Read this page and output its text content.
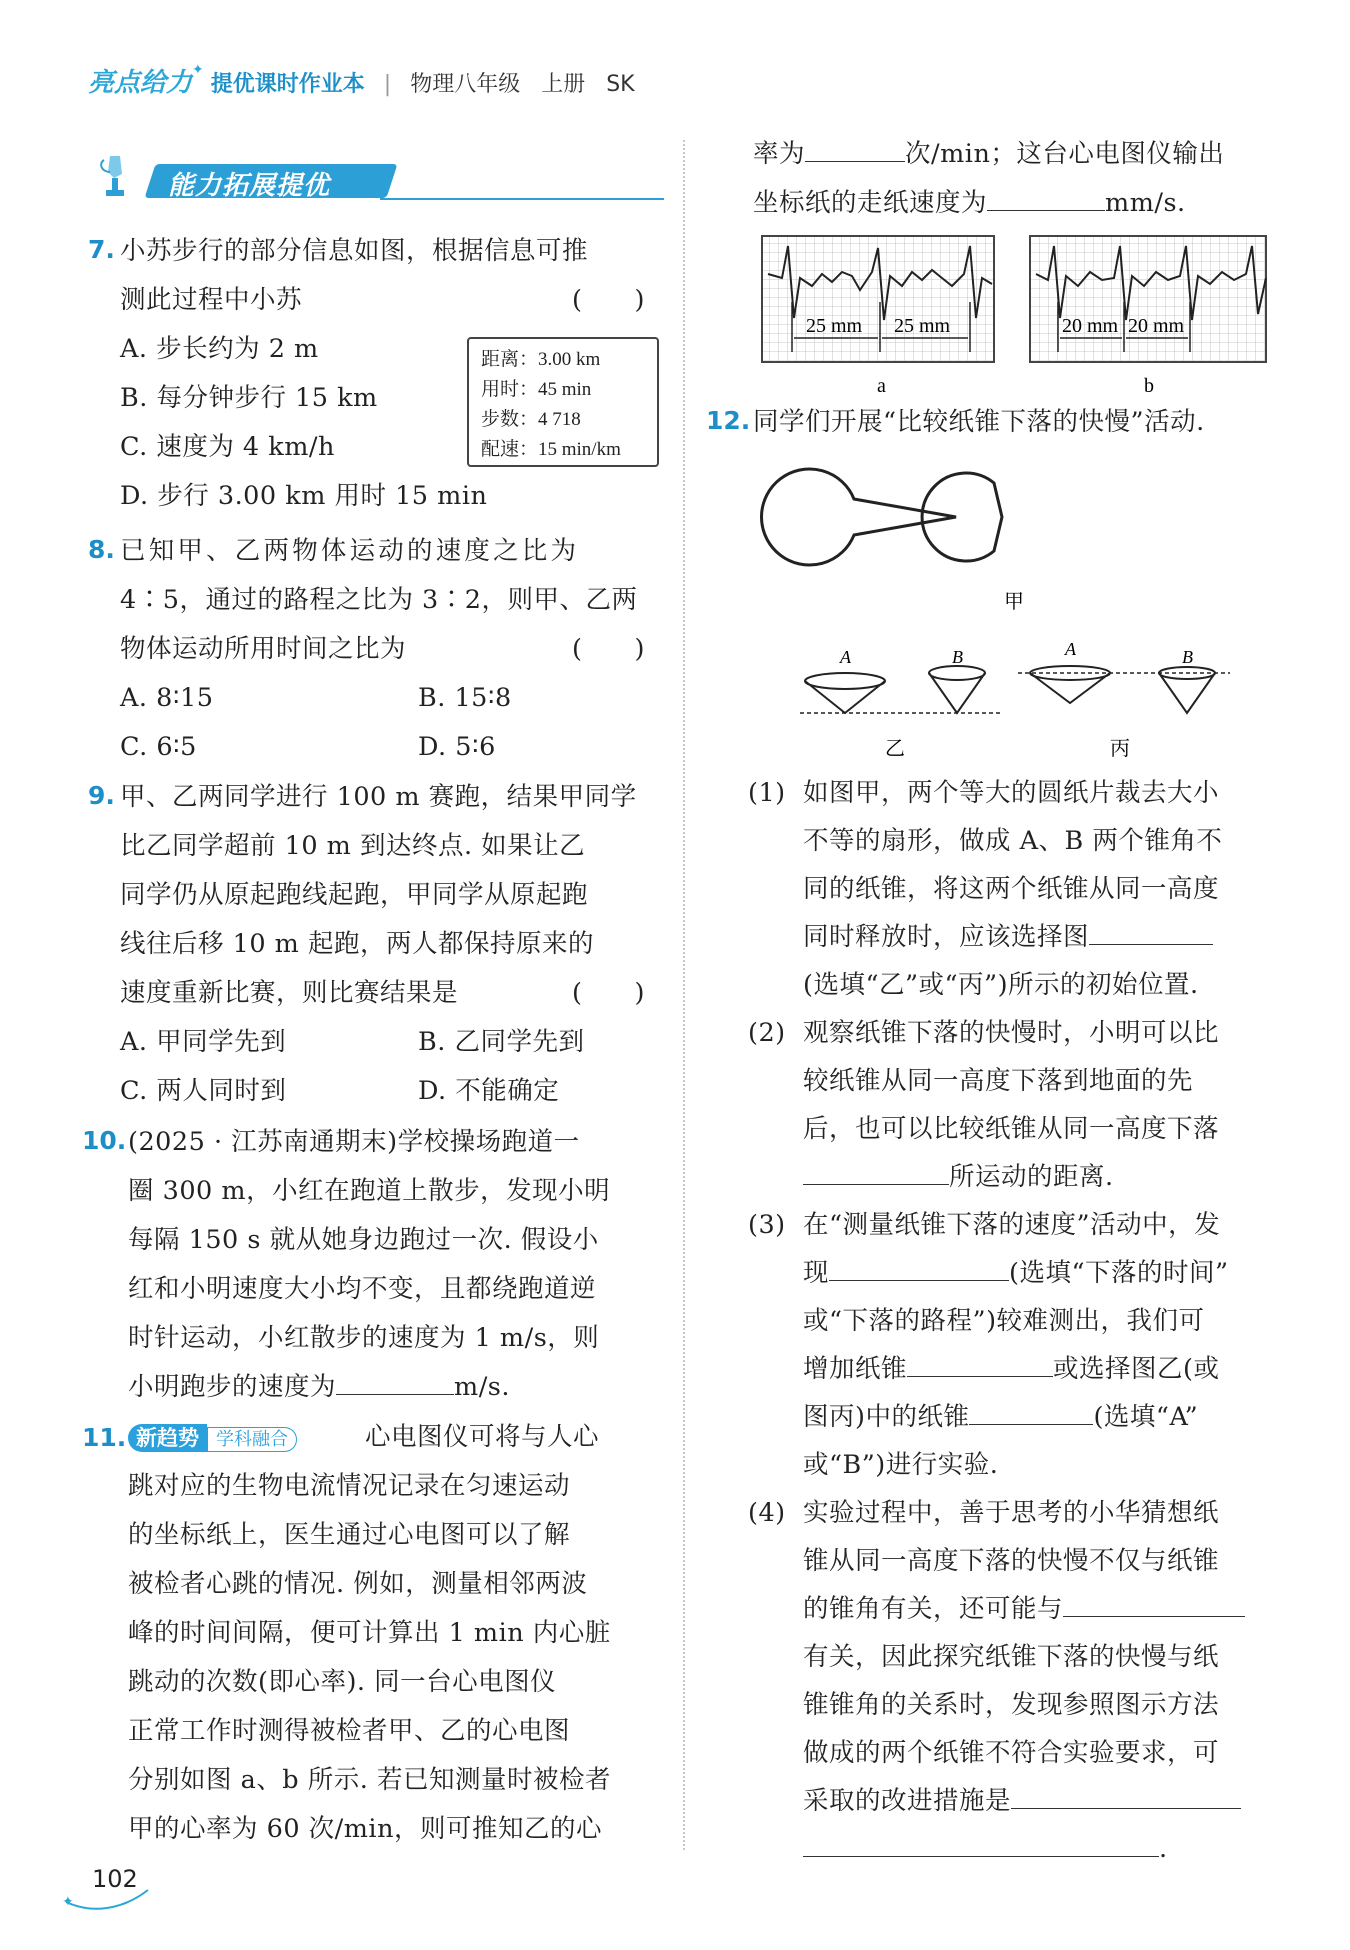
亮点给力✦ 提优课时作业本 | 物理八年级 上册 SK
能力拓展提优
7. 小苏步行的部分信息如图，根据信息可推
测此过程中小苏	(　　)
A. 步长约为 2 m
B. 每分钟步行 15 km
C. 速度为 4 km/h
D. 步行 3.00 km 用时 15 min
距离：3.00 km
用时：45 min
步数：4 718
配速：15 min/km
8. 已知甲、乙两物体运动的速度之比为
4∶5，通过的路程之比为 3∶2，则甲、乙两
物体运动所用时间之比为	(　　)
A. 8∶15	B. 15∶8
C. 6∶5	D. 5∶6
9. 甲、乙两同学进行 100 m 赛跑，结果甲同学
比乙同学超前 10 m 到达终点. 如果让乙
同学仍从原起跑线起跑，甲同学从原起跑
线往后移 10 m 起跑，两人都保持原来的
速度重新比赛，则比赛结果是	(　　)
A. 甲同学先到	B. 乙同学先到
C. 两人同时到	D. 不能确定
10. (2025 · 江苏南通期末)学校操场跑道一
圈 300 m，小红在跑道上散步，发现小明
每隔 150 s 就从她身边跑过一次. 假设小
红和小明速度大小均不变，且都绕跑道逆
时针运动，小红散步的速度为 1 m/s，则
小明跑步的速度为	m/s.
11. 新趋势 学科融合	心电图仪可将与人心
跳对应的生物电流情况记录在匀速运动
的坐标纸上，医生通过心电图可以了解
被检者心跳的情况. 例如，测量相邻两波
峰的时间间隔，便可计算出 1 min 内心脏
跳动的次数(即心率). 同一台心电图仪
正常工作时测得被检者甲、乙的心电图
分别如图 a、b 所示. 若已知测量时被检者
甲的心率为 60 次/min，则可推知乙的心
率为	次/min；这台心电图仪输出
坐标纸的走纸速度为	mm/s.
25 mm 25 mm
a
20 mm 20 mm
b
12. 同学们开展“比较纸锥下落的快慢”活动.
甲
A	B
乙
A	B
丙
(1) 如图甲，两个等大的圆纸片裁去大小
不等的扇形，做成 A、B 两个锥角不
同的纸锥，将这两个纸锥从同一高度
同时释放时，应该选择图
(选填“乙”或“丙”)所示的初始位置.
(2) 观察纸锥下落的快慢时，小明可以比
较纸锥从同一高度下落到地面的先
后，也可以比较纸锥从同一高度下落
所运动的距离.
(3) 在“测量纸锥下落的速度”活动中，发
现	(选填“下落的时间”
或“下落的路程”)较难测出，我们可
增加纸锥	或选择图乙(或
图丙)中的纸锥	(选填“A”
或“B”)进行实验.
(4) 实验过程中，善于思考的小华猜想纸
锥从同一高度下落的快慢不仅与纸锥
的锥角有关，还可能与
有关，因此探究纸锥下落的快慢与纸
锥锥角的关系时，发现参照图示方法
做成的两个纸锥不符合实验要求，可
采取的改进措施是
.
✦
102
